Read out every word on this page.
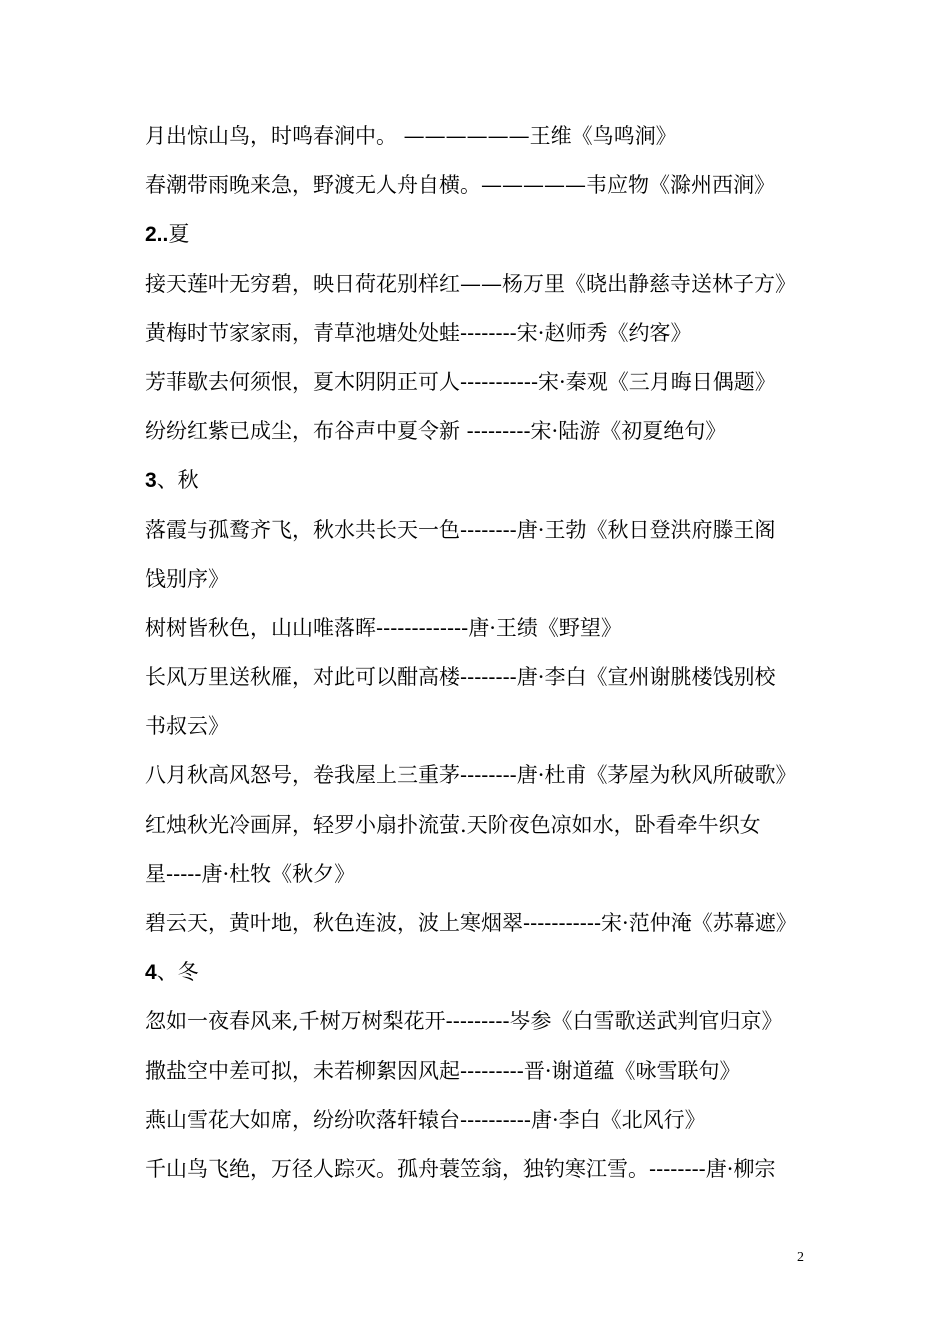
月出惊山鸟，时鸣春涧中。 ——————王维《鸟鸣涧》
春潮带雨晚来急，野渡无人舟自横。—————韦应物《滁州西涧》
2..夏
接天莲叶无穷碧，映日荷花别样红——杨万里《晓出静慈寺送林子方》
黄梅时节家家雨，青草池塘处处蛙--------宋·赵师秀《约客》
芳菲歇去何须恨，夏木阴阴正可人-----------宋·秦观《三月晦日偶题》
纷纷红紫已成尘，布谷声中夏令新 ---------宋·陆游《初夏绝句》
3、秋
落霞与孤鹜齐飞，秋水共长天一色--------唐·王勃《秋日登洪府滕王阁
饯别序》
树树皆秋色，山山唯落晖-------------唐·王绩《野望》
长风万里送秋雁，对此可以酣高楼--------唐·李白《宣州谢朓楼饯别校
书叔云》
八月秋高风怒号，卷我屋上三重茅--------唐·杜甫《茅屋为秋风所破歌》
红烛秋光冷画屏，轻罗小扇扑流萤.天阶夜色凉如水，卧看牵牛织女
星-----唐·杜牧《秋夕》
碧云天，黄叶地，秋色连波，波上寒烟翠-----------宋·范仲淹《苏幕遮》
4、冬
忽如一夜春风来,千树万树梨花开---------岑参《白雪歌送武判官归京》
撒盐空中差可拟，未若柳絮因风起---------晋·谢道蕴《咏雪联句》
燕山雪花大如席，纷纷吹落轩辕台----------唐·李白《北风行》
千山鸟飞绝，万径人踪灭。孤舟蓑笠翁，独钓寒江雪。--------唐·柳宗
2
